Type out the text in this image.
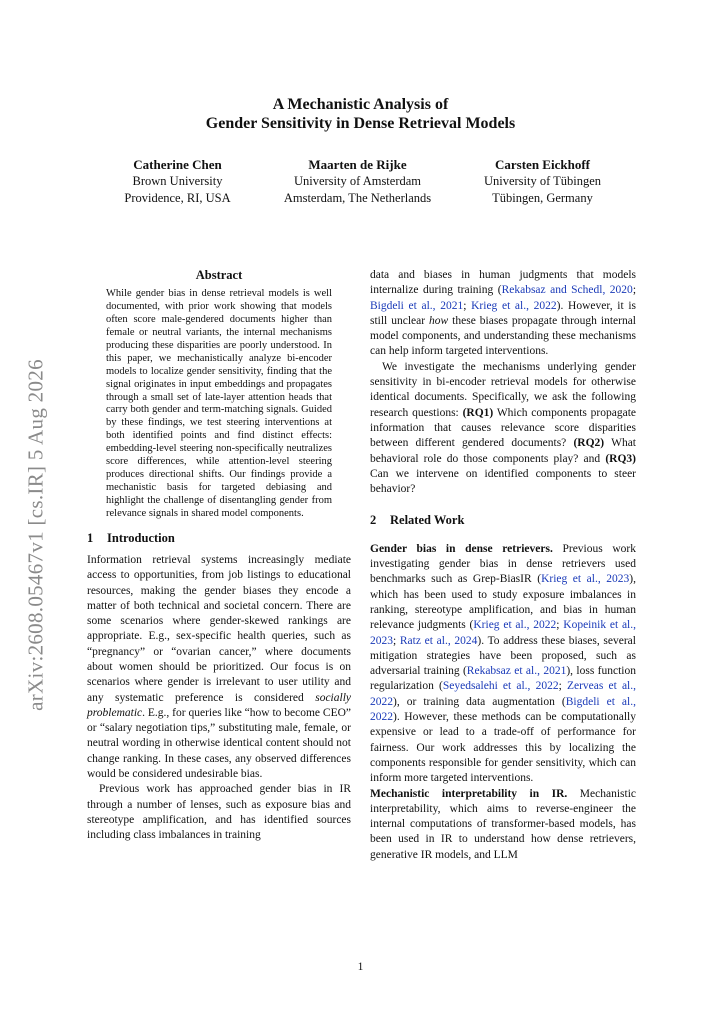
A Mechanistic Analysis of
Gender Sensitivity in Dense Retrieval Models
Catherine Chen
Brown University
Providence, RI, USA
Maarten de Rijke
University of Amsterdam
Amsterdam, The Netherlands
Carsten Eickhoff
University of Tübingen
Tübingen, Germany
arXiv:2608.05467v1 [cs.IR] 5 Aug 2026
Abstract

While gender bias in dense retrieval models is well documented, with prior work showing that models often score male-gendered documents higher than female or neutral variants, the internal mechanisms producing these disparities are poorly understood. In this paper, we mechanistically analyze bi-encoder models to localize gender sensitivity, finding that the signal originates in input embeddings and propagates through a small set of late-layer attention heads that carry both gender and term-matching signals. Guided by these findings, we test steering interventions at both identified points and find distinct effects: embedding-level steering non-specifically neutralizes score differences, while attention-level steering produces directional shifts. Our findings provide a mechanistic basis for targeted debiasing and highlight the challenge of disentangling gender from relevance signals in shared model components.

1 Introduction

Information retrieval systems increasingly mediate access to opportunities, from job listings to educational resources, making the gender biases they encode a matter of both technical and societal concern. There are some scenarios where gender-skewed rankings are appropriate. E.g., sex-specific health queries, such as “pregnancy” or “ovarian cancer,” where documents about women should be prioritized. Our focus is on scenarios where gender is irrelevant to user utility and any systematic preference is considered socially problematic. E.g., for queries like “how to become CEO” or “salary negotiation tips,” substituting male, female, or neutral wording in otherwise identical content should not change ranking. In these cases, any observed differences would be considered undesirable bias.

Previous work has approached gender bias in IR through a number of lenses, such as exposure bias and stereotype amplification, and has identified sources including class imbalances in training

data and biases in human judgments that models internalize during training (Rekabsaz and Schedl, 2020; Bigdeli et al., 2021; Krieg et al., 2022). However, it is still unclear how these biases propagate through internal model components, and understanding these mechanisms can help inform targeted interventions.

We investigate the mechanisms underlying gender sensitivity in bi-encoder retrieval models for otherwise identical documents. Specifically, we ask the following research questions: (RQ1) Which components propagate information that causes relevance score disparities between different gendered documents? (RQ2) What behavioral role do those components play? and (RQ3) Can we intervene on identified components to steer behavior?

2 Related Work

Gender bias in dense retrievers. Previous work investigating gender bias in dense retrievers used benchmarks such as Grep-BiasIR (Krieg et al., 2023), which has been used to study exposure imbalances in ranking, stereotype amplification, and bias in human relevance judgments (Krieg et al., 2022; Kopeinik et al., 2023; Ratz et al., 2024). To address these biases, several mitigation strategies have been proposed, such as adversarial training (Rekabsaz et al., 2021), loss function regularization (Seyedsalehi et al., 2022; Zerveas et al., 2022), or training data augmentation (Bigdeli et al., 2022). However, these methods can be computationally expensive or lead to a trade-off of performance for fairness. Our work addresses this by localizing the components responsible for gender sensitivity, which can inform more targeted interventions.

Mechanistic interpretability in IR. Mechanistic interpretability, which aims to reverse-engineer the internal computations of transformer-based models, has been used in IR to understand how dense retrievers, generative IR models, and LLM

1
